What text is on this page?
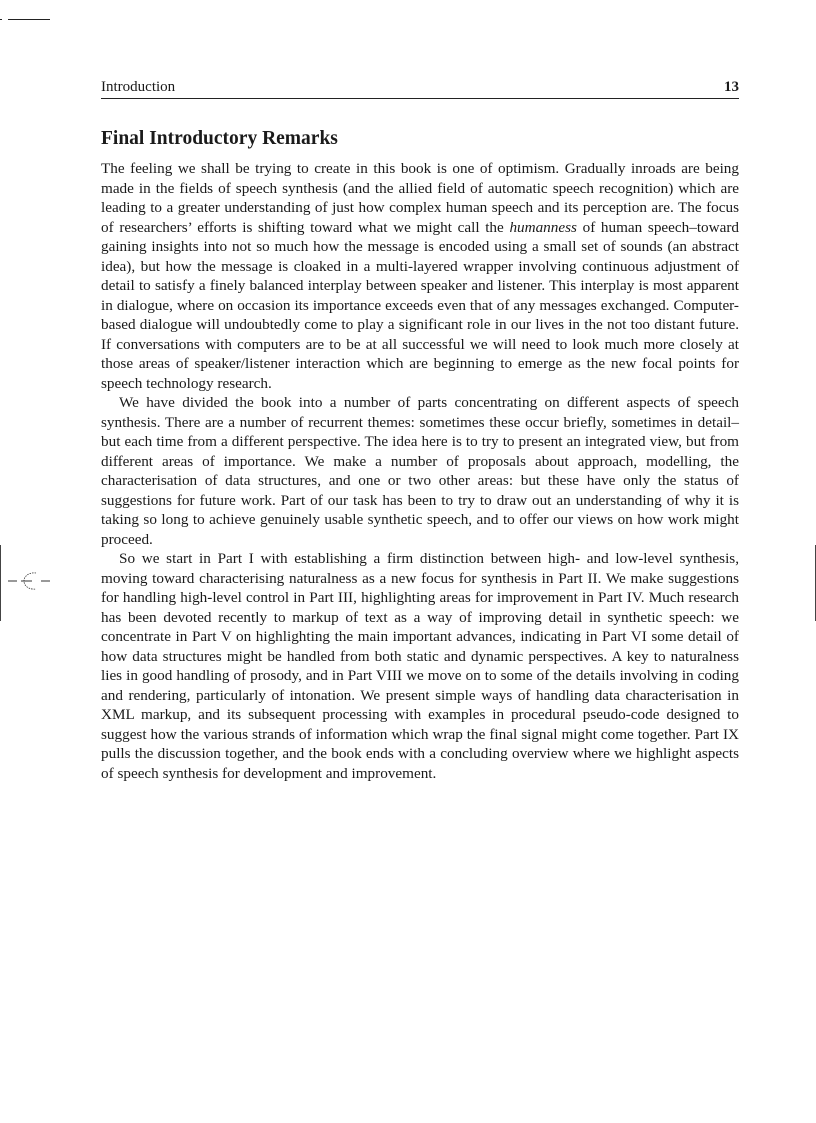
Introduction	13
Final Introductory Remarks

The feeling we shall be trying to create in this book is one of optimism. Gradually inroads are being made in the fields of speech synthesis (and the allied field of automatic speech recognition) which are leading to a greater understanding of just how complex human speech and its perception are. The focus of researchers’ efforts is shifting toward what we might call the humanness of human speech–toward gaining insights into not so much how the message is encoded using a small set of sounds (an abstract idea), but how the message is cloaked in a multi-layered wrapper involving continuous adjustment of detail to satisfy a finely balanced interplay between speaker and listener. This interplay is most apparent in dialogue, where on occasion its importance exceeds even that of any messages exchanged. Computer-based dialogue will undoubtedly come to play a significant role in our lives in the not too distant future. If conversations with computers are to be at all successful we will need to look much more closely at those areas of speaker/listener interaction which are beginning to emerge as the new focal points for speech technology research.

We have divided the book into a number of parts concentrating on different aspects of speech synthesis. There are a number of recurrent themes: sometimes these occur briefly, sometimes in detail–but each time from a different perspective. The idea here is to try to present an integrated view, but from different areas of importance. We make a number of proposals about approach, modelling, the characterisation of data structures, and one or two other areas: but these have only the status of suggestions for future work. Part of our task has been to try to draw out an understanding of why it is taking so long to achieve genuinely usable synthetic speech, and to offer our views on how work might proceed.

So we start in Part I with establishing a firm distinction between high- and low-level synthesis, moving toward characterising naturalness as a new focus for synthesis in Part II. We make suggestions for handling high-level control in Part III, highlighting areas for improvement in Part IV. Much research has been devoted recently to markup of text as a way of improving detail in synthetic speech: we concentrate in Part V on highlighting the main important advances, indicating in Part VI some detail of how data structures might be handled from both static and dynamic perspectives. A key to naturalness lies in good handling of prosody, and in Part VIII we move on to some of the details involving in coding and rendering, particularly of intonation. We present simple ways of handling data characterisation in XML markup, and its subsequent processing with examples in procedural pseudo-code designed to suggest how the various strands of information which wrap the final signal might come together. Part IX pulls the discussion together, and the book ends with a concluding overview where we highlight aspects of speech synthesis for development and improvement.
